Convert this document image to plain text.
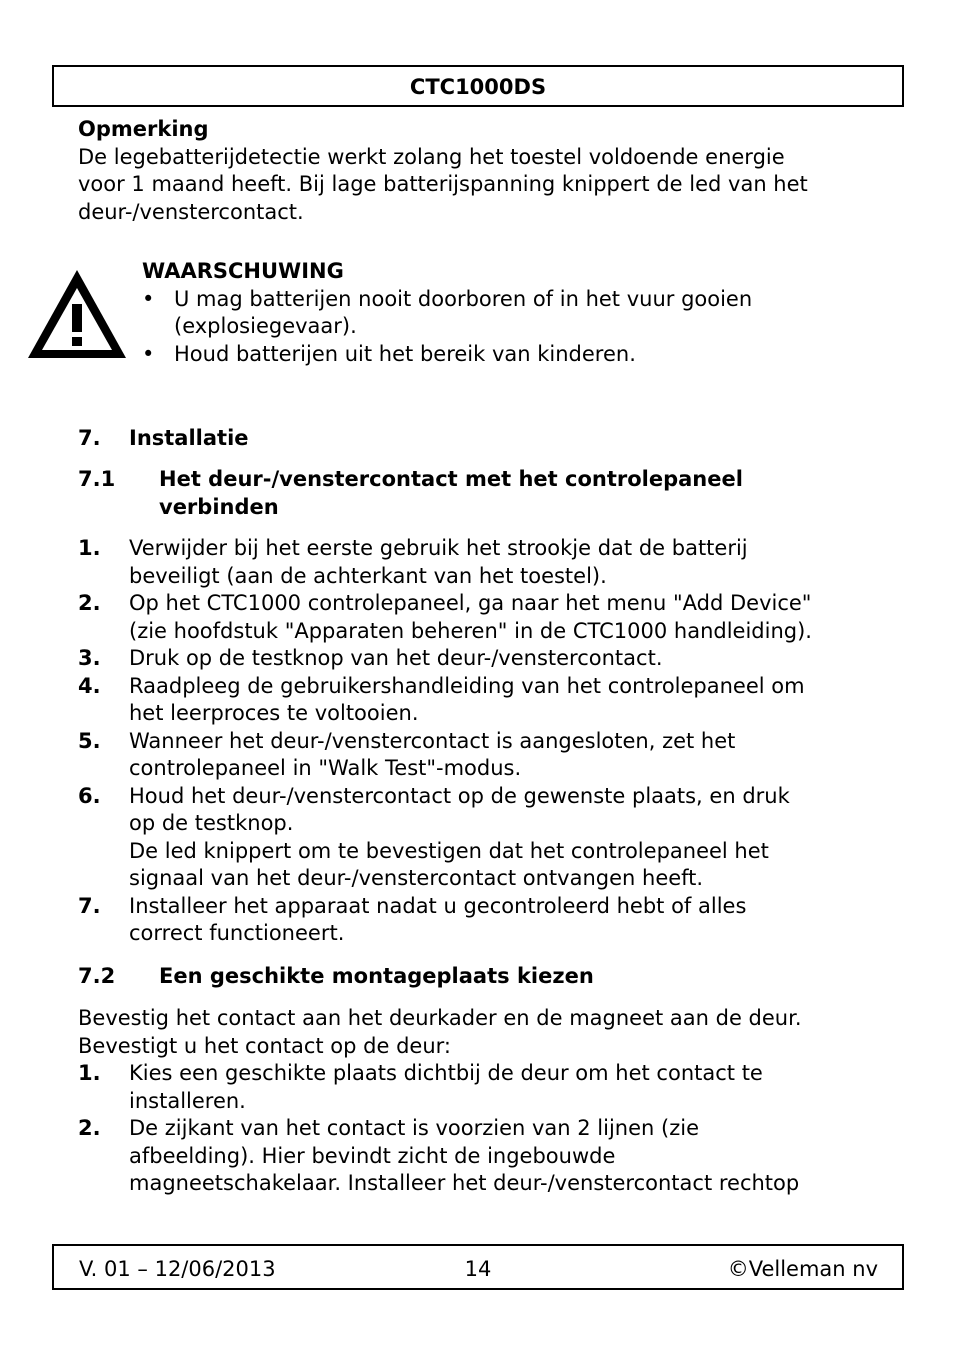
CTC1000DS
Opmerking
De legebatterijdetectie werkt zolang het toestel voldoende energie
voor 1 maand heeft. Bij lage batterijspanning knippert de led van het
deur-/venstercontact.
WAARSCHUWING
• U mag batterijen nooit doorboren of in het vuur gooien
(explosiegevaar).
• Houd batterijen uit het bereik van kinderen.
7. Installatie
7.1 Het deur-/venstercontact met het controlepaneel verbinden
1. Verwijder bij het eerste gebruik het strookje dat de batterij
beveiligt (aan de achterkant van het toestel).
2. Op het CTC1000 controlepaneel, ga naar het menu "Add Device"
(zie hoofdstuk "Apparaten beheren" in de CTC1000 handleiding).
3. Druk op de testknop van het deur-/venstercontact.
4. Raadpleeg de gebruikershandleiding van het controlepaneel om
het leerproces te voltooien.
5. Wanneer het deur-/venstercontact is aangesloten, zet het
controlepaneel in "Walk Test"-modus.
6. Houd het deur-/venstercontact op de gewenste plaats, en druk
op de testknop.
De led knippert om te bevestigen dat het controlepaneel het
signaal van het deur-/venstercontact ontvangen heeft.
7. Installeer het apparaat nadat u gecontroleerd hebt of alles
correct functioneert.
7.2 Een geschikte montageplaats kiezen
Bevestig het contact aan het deurkader en de magneet aan de deur.
Bevestigt u het contact op de deur:
1. Kies een geschikte plaats dichtbij de deur om het contact te
installeren.
2. De zijkant van het contact is voorzien van 2 lijnen (zie
afbeelding). Hier bevindt zicht de ingebouwde
magneetschakelaar. Installeer het deur-/venstercontact rechtop
V. 01 – 12/06/2013	14	©Velleman nv
